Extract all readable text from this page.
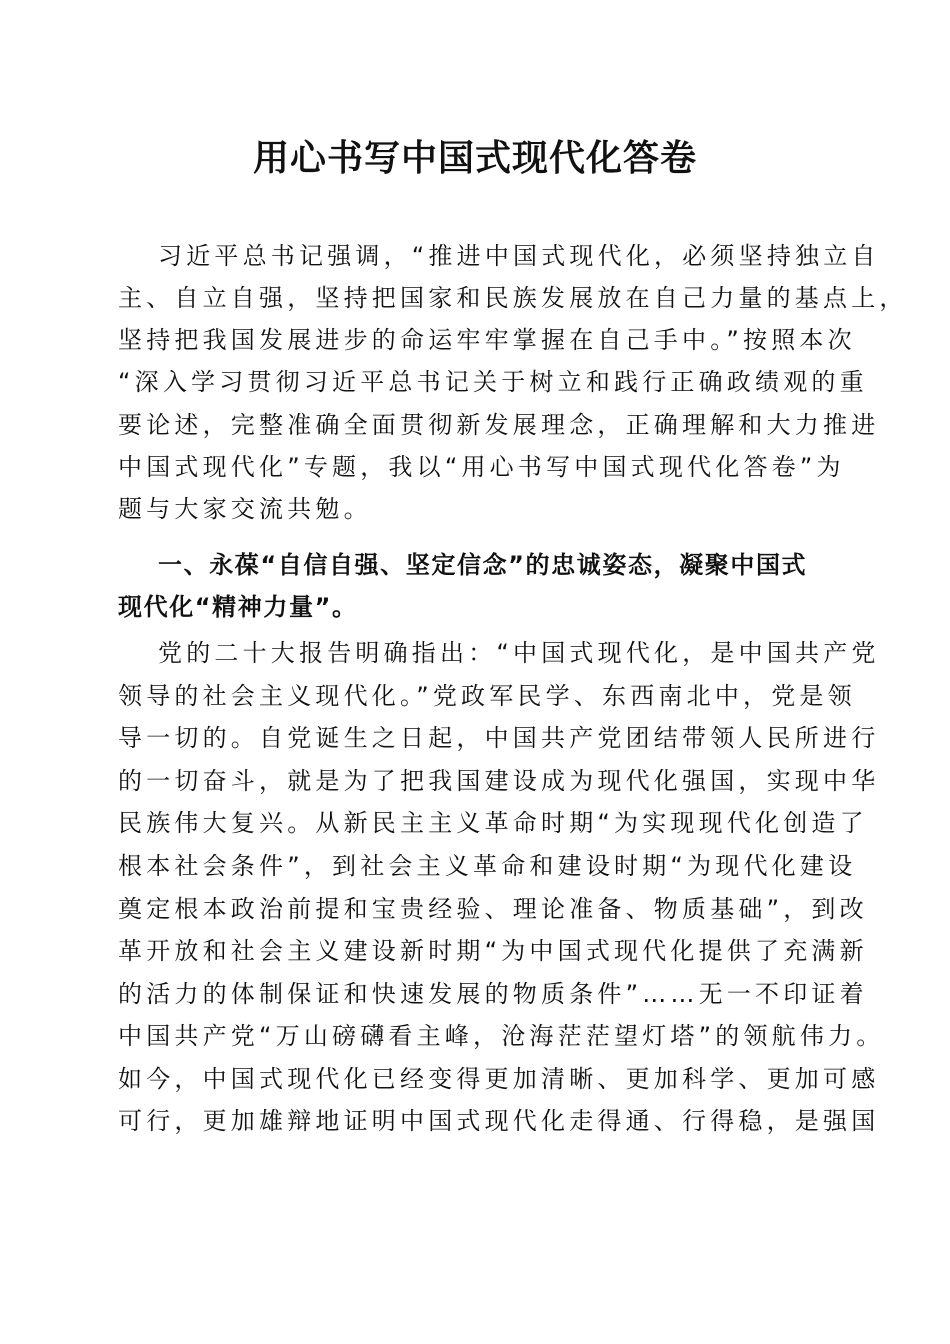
用心书写中国式现代化答卷

习近平总书记强调，“推进中国式现代化，必须坚持独立自

主、自立自强，坚持把国家和民族发展放在自己力量的基点上，

坚持把我国发展进步的命运牢牢掌握在自己手中。”按照本次

“深入学习贯彻习近平总书记关于树立和践行正确政绩观的重

要论述，完整准确全面贯彻新发展理念，正确理解和大力推进

中国式现代化”专题，我以“用心书写中国式现代化答卷”为

题与大家交流共勉。

一、永葆“自信自强、坚定信念”的忠诚姿态，凝聚中国式

现代化“精神力量”。

党的二十大报告明确指出：“中国式现代化，是中国共产党

领导的社会主义现代化。”党政军民学、东西南北中，党是领

导一切的。自党诞生之日起，中国共产党团结带领人民所进行

的一切奋斗，就是为了把我国建设成为现代化强国，实现中华

民族伟大复兴。从新民主主义革命时期“为实现现代化创造了

根本社会条件”，到社会主义革命和建设时期“为现代化建设

奠定根本政治前提和宝贵经验、理论准备、物质基础”，到改

革开放和社会主义建设新时期“为中国式现代化提供了充满新

的活力的体制保证和快速发展的物质条件”……无一不印证着

中国共产党“万山磅礴看主峰，沧海茫茫望灯塔”的领航伟力。

如今，中国式现代化已经变得更加清晰、更加科学、更加可感

可行，更加雄辩地证明中国式现代化走得通、行得稳，是强国
